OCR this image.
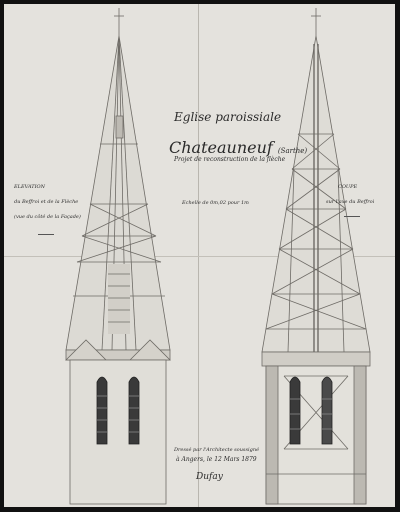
Eglise paroissiale
Chateauneuf (Sarthe)
Projet de reconstruction de la flèche
ELEVATION
du Beffroi et de la Flèche
(vue du côté de la Façade)
Echelle de 0m,02 pour 1m
COUPE
sur l'axe du Beffroi
Dressé par l'Architecte soussigné
à Angers, le 12 Mars 1879
Dufay
